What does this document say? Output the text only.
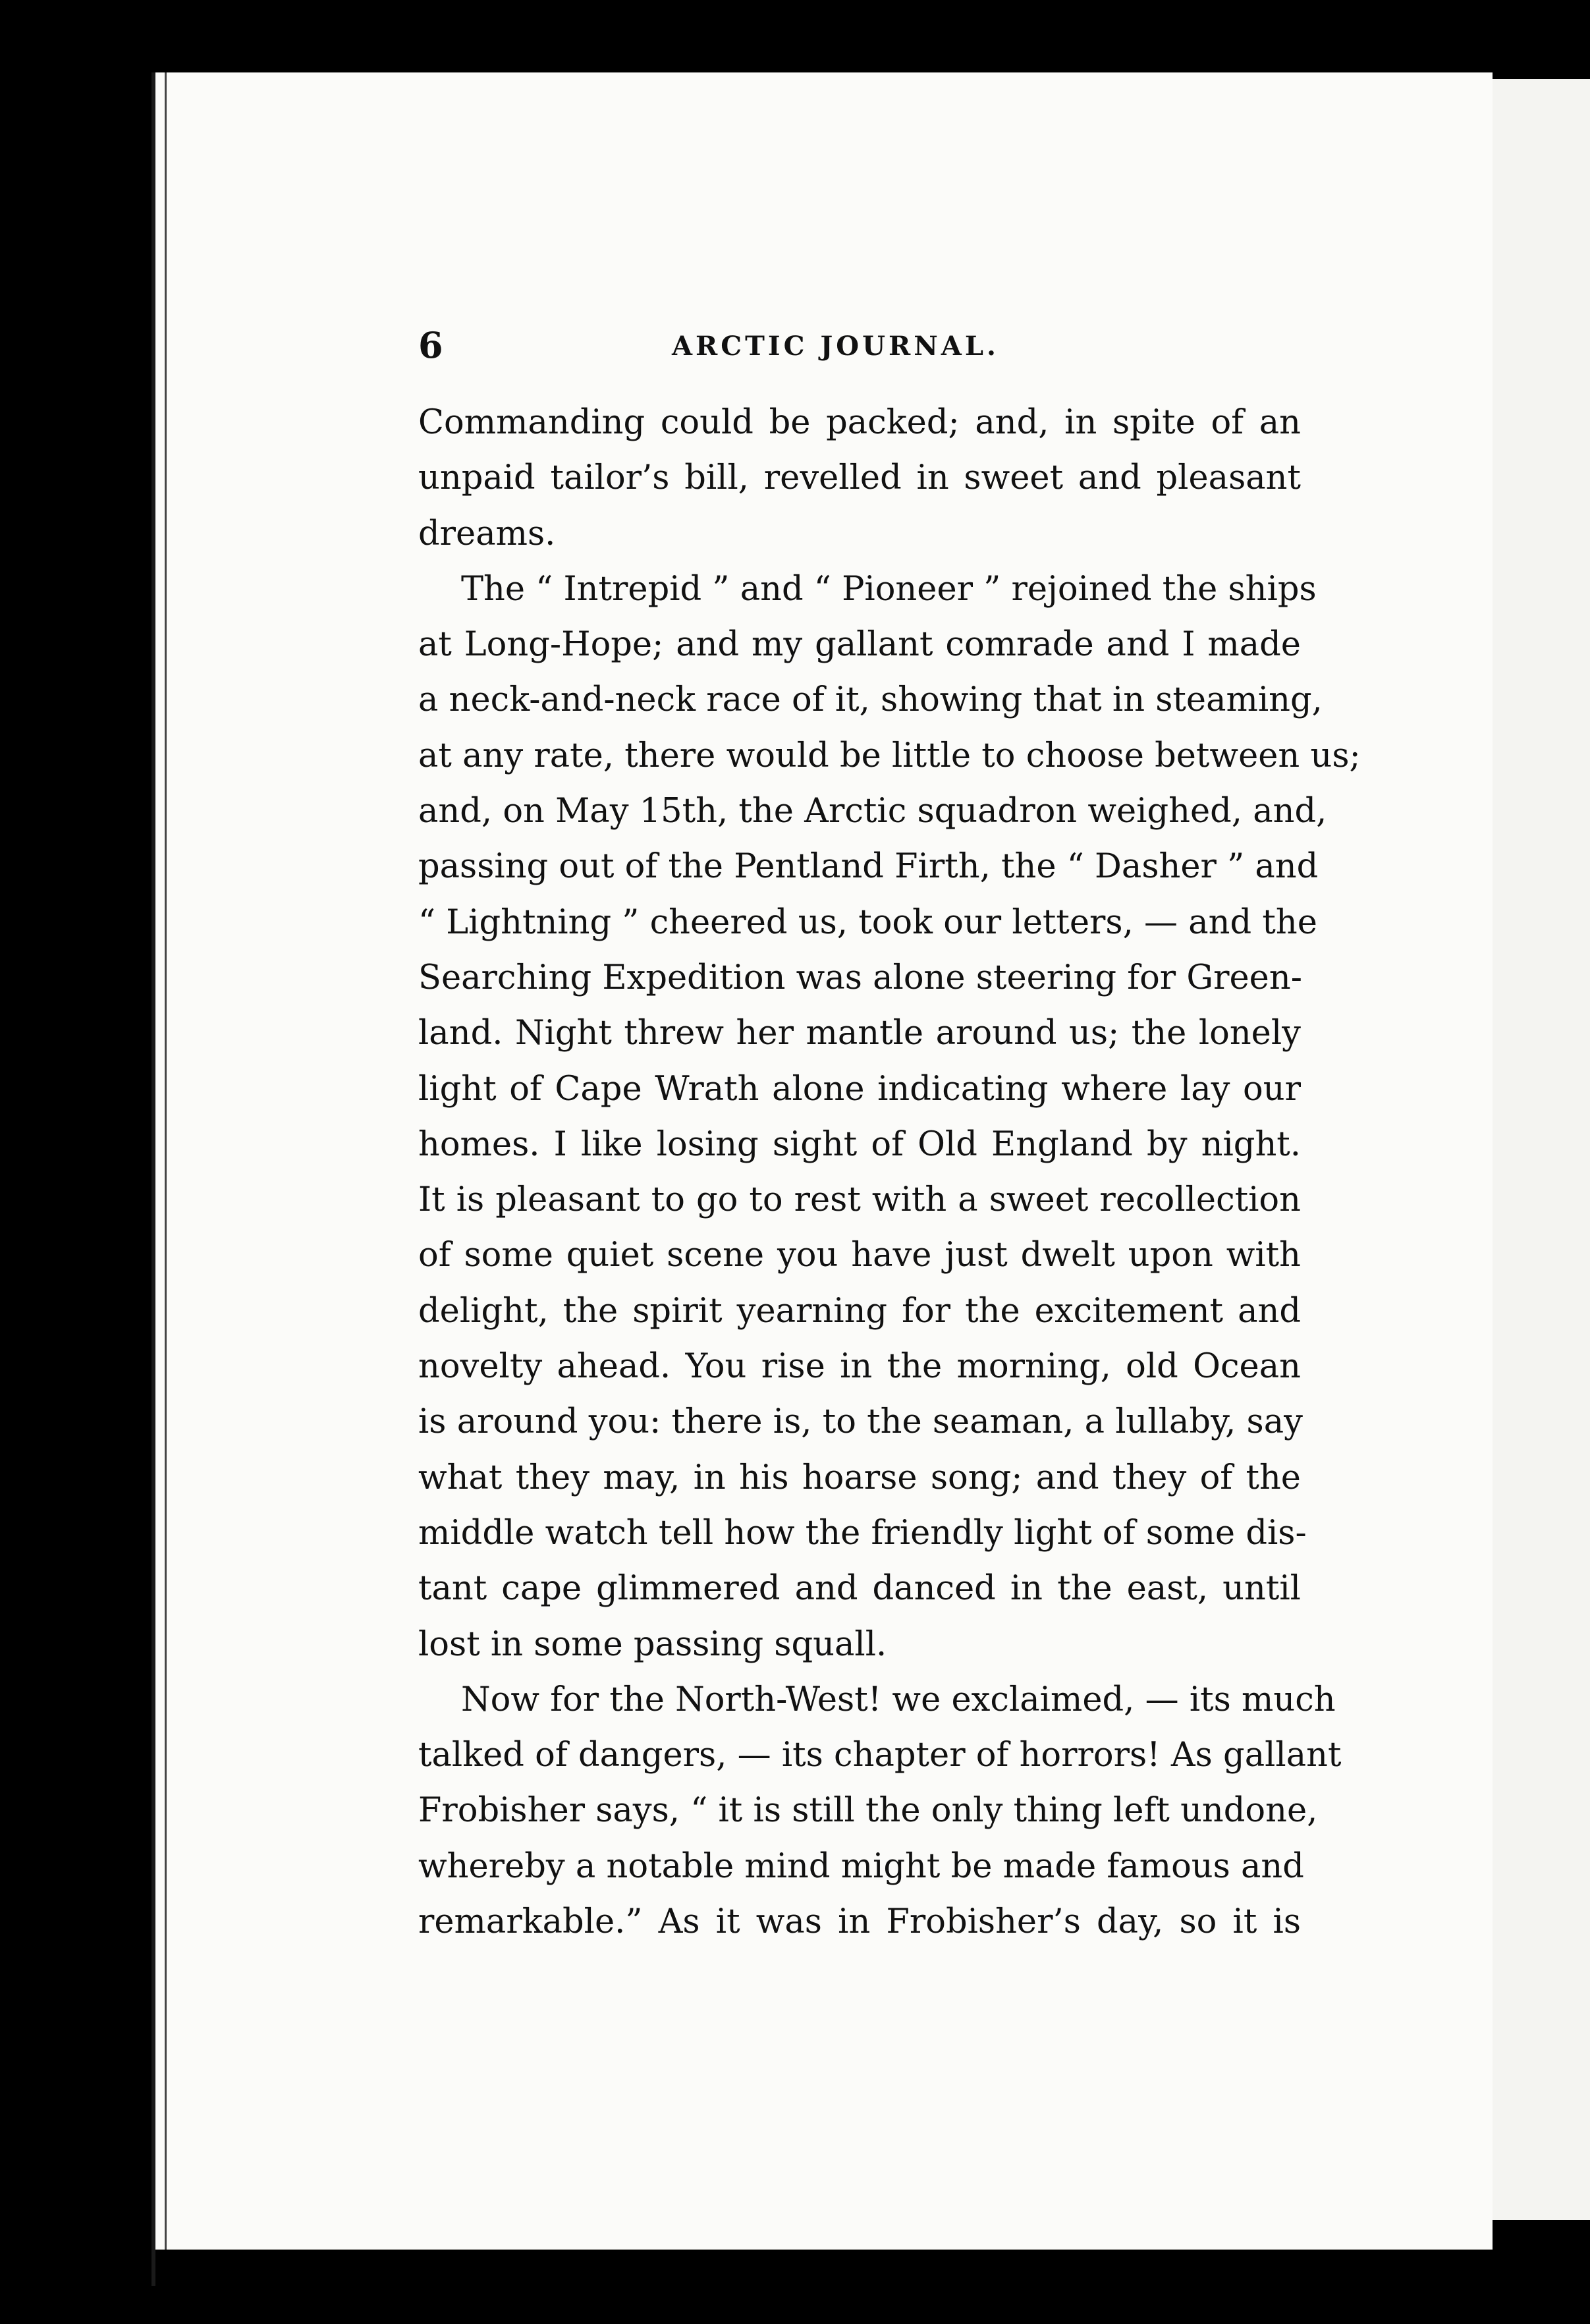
6	ARCTIC JOURNAL.
Commanding could be packed; and, in spite of an
unpaid tailor’s bill, revelled in sweet and pleasant
dreams.
The “ Intrepid ” and “ Pioneer ” rejoined the ships
at Long-Hope; and my gallant comrade and I made
a neck-and-neck race of it, showing that in steaming,
at any rate, there would be little to choose between us;
and, on May 15th, the Arctic squadron weighed, and,
passing out of the Pentland Firth, the “ Dasher ” and
“ Lightning ” cheered us, took our letters, — and the
Searching Expedition was alone steering for Green-
land. Night threw her mantle around us; the lonely
light of Cape Wrath alone indicating where lay our
homes. I like losing sight of Old England by night.
It is pleasant to go to rest with a sweet recollection
of some quiet scene you have just dwelt upon with
delight, the spirit yearning for the excitement and
novelty ahead. You rise in the morning, old Ocean
is around you: there is, to the seaman, a lullaby, say
what they may, in his hoarse song; and they of the
middle watch tell how the friendly light of some dis-
tant cape glimmered and danced in the east, until
lost in some passing squall.
Now for the North-West! we exclaimed, — its much
talked of dangers, — its chapter of horrors! As gallant
Frobisher says, “ it is still the only thing left undone,
whereby a notable mind might be made famous and
remarkable.” As it was in Frobisher’s day, so it is
